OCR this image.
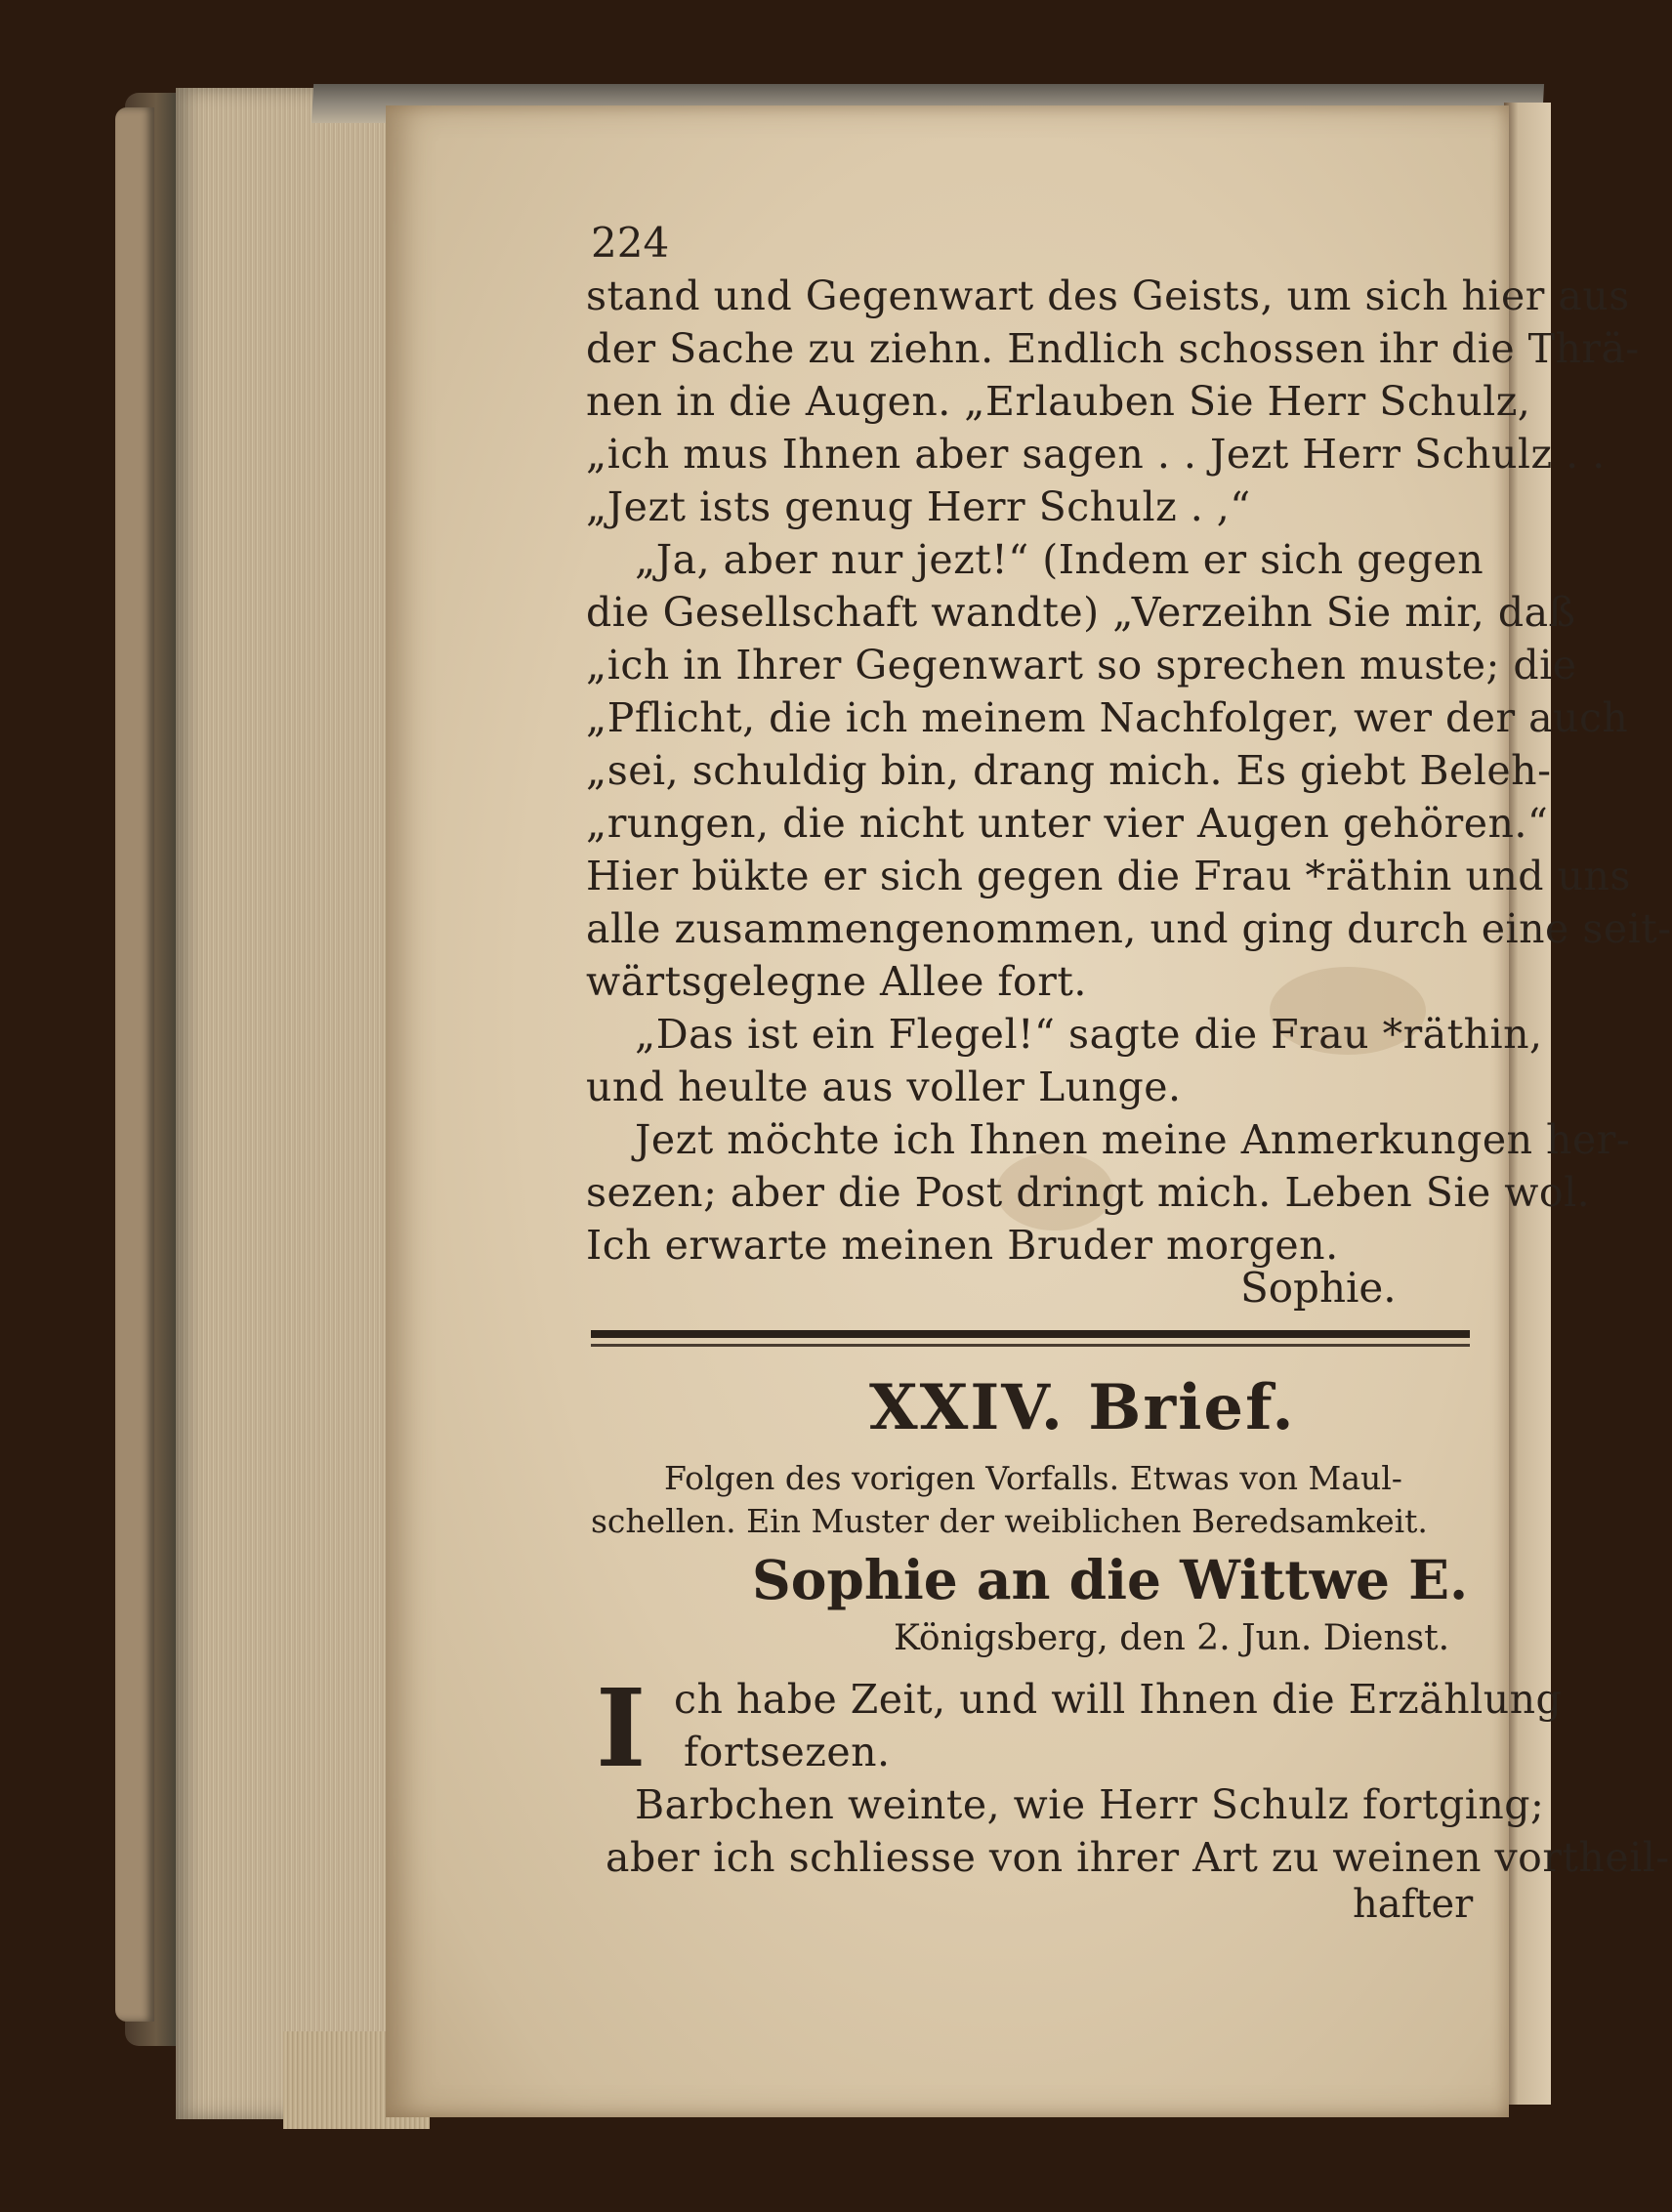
224
stand und Gegenwart des Geists, um sich hier aus
der Sache zu ziehn. Endlich schossen ihr die Thrä-
nen in die Augen. „Erlauben Sie Herr Schulz,
„ich mus Ihnen aber sagen . . Jezt Herr Schulz . .
„Jezt ists genug Herr Schulz . ,“
„Ja, aber nur jezt!“ (Indem er sich gegen
die Gesellschaft wandte) „Verzeihn Sie mir, daß
„ich in Ihrer Gegenwart so sprechen muste; die
„Pflicht, die ich meinem Nachfolger, wer der auch
„sei, schuldig bin, drang mich. Es giebt Beleh-
„rungen, die nicht unter vier Augen gehören.“
Hier bükte er sich gegen die Frau *räthin und uns
alle zusammengenommen, und ging durch eine seit-
wärtsgelegne Allee fort.
„Das ist ein Flegel!“ sagte die Frau *räthin,
und heulte aus voller Lunge.
Jezt möchte ich Ihnen meine Anmerkungen her-
sezen; aber die Post dringt mich. Leben Sie wol.
Ich erwarte meinen Bruder morgen.
Sophie.
XXIV. Brief.
Folgen des vorigen Vorfalls. Etwas von Maul-
schellen. Ein Muster der weiblichen Beredsamkeit.
Sophie an die Wittwe E.
Königsberg, den 2. Jun. Dienst.
I ch habe Zeit, und will Ihnen die Erzählung
fortsezen.
Barbchen weinte, wie Herr Schulz fortging;
aber ich schliesse von ihrer Art zu weinen vortheil-
hafter
